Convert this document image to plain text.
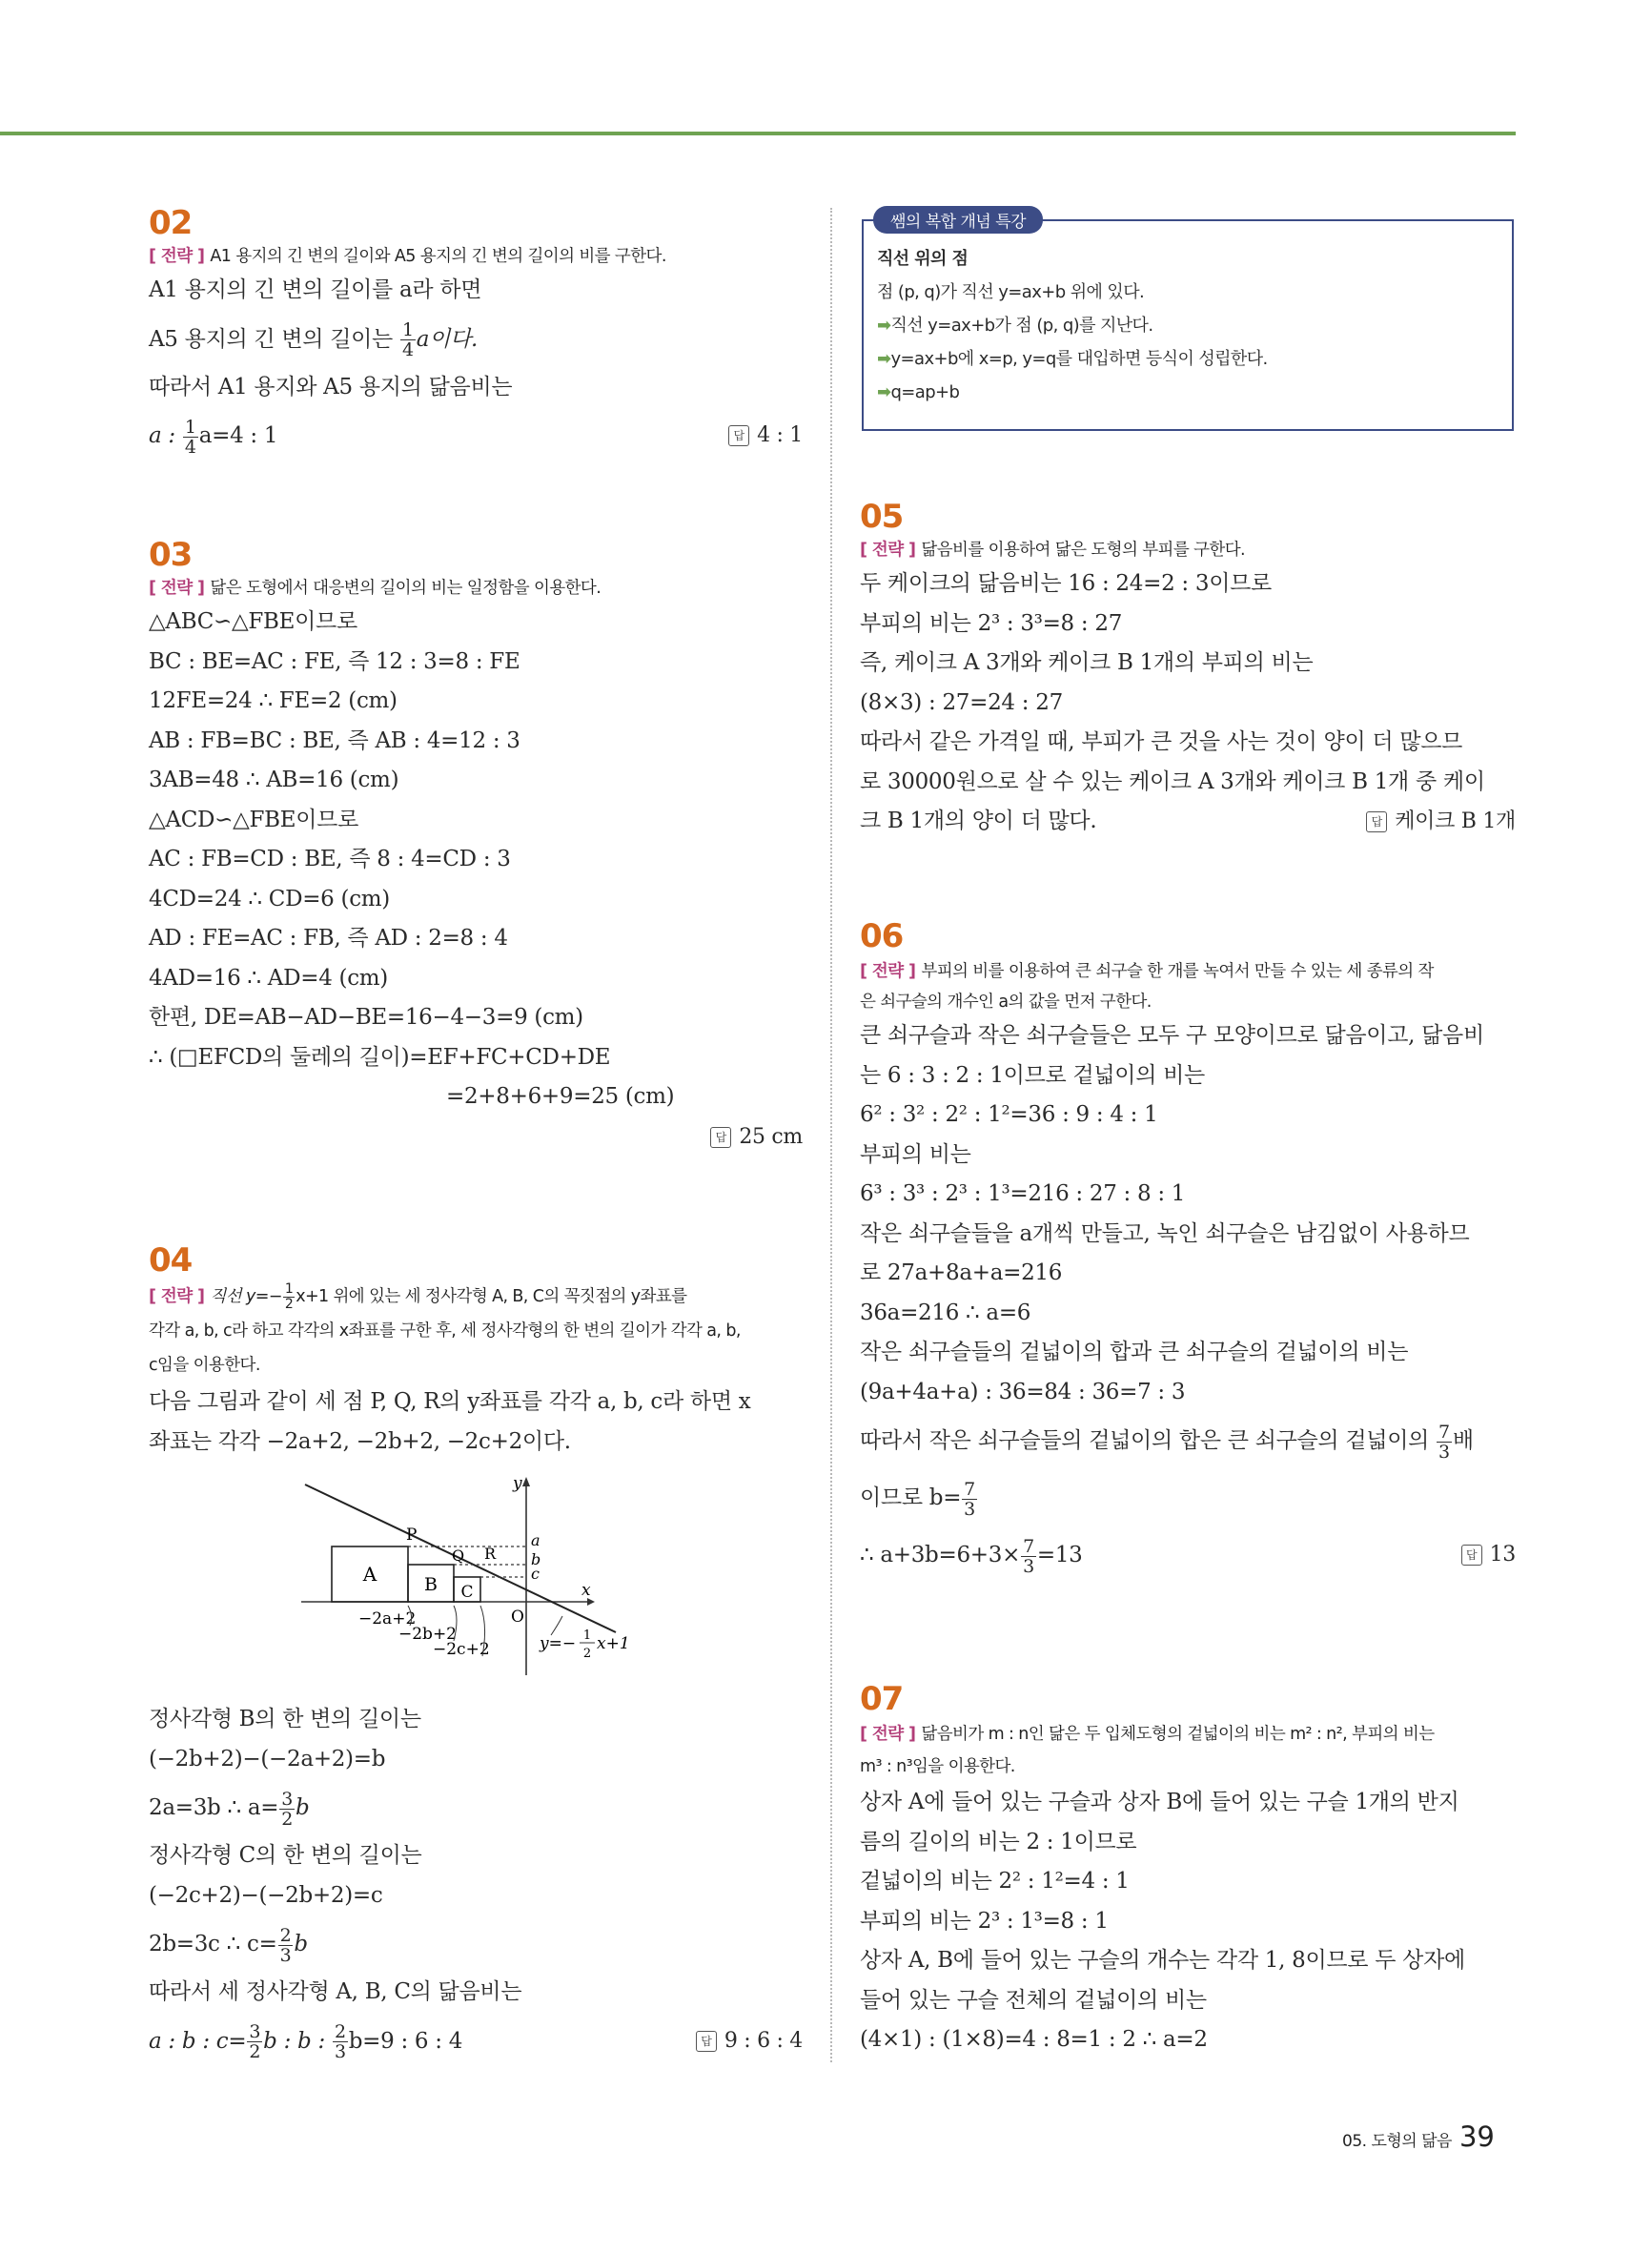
02
[ 전략 ] A1 용지의 긴 변의 길이와 A5 용지의 긴 변의 길이의 비를 구한다.
A1 용지의 긴 변의 길이를 a라 하면
A5 용지의 긴 변의 길이는 $\frac{1}{4}$ a이다.
따라서 A1 용지와 A5 용지의 닮음비는
a : $\frac{1}{4} a=4$ : 1	답 4 : 1
03
[ 전략 ] 닮은 도형에서 대응변의 길이의 비는 일정함을 이용한다.
△ABC∽△FBE이므로
BC : BE=AC : FE, 즉 12 : 3=8 : FE
12FE=24 ∴ FE=2 (cm)
AB : FB=BC : BE, 즉 AB : 4=12 : 3
3AB=48 ∴ AB=16 (cm)
△ACD∽△FBE이므로
AC : FB=CD : BE, 즉 8 : 4=CD : 3
4CD=24 ∴ CD=6 (cm)
AD : FE=AC : FB, 즉 AD : 2=8 : 4
4AD=16 ∴ AD=4 (cm)
한편, DE=AB−AD−BE=16−4−3=9 (cm)
∴ (□EFCD의 둘레의 길이)=EF+FC+CD+DE
=2+8+6+9=25 (cm)
답 25 cm
04
[ 전략 ] 직선 $y=- \frac{1}{2} x+1$ 위에 있는 세 정사각형 A, B, C의 꼭짓점의 y좌표를
각각 a, b, c라 하고 각각의 x좌표를 구한 후, 세 정사각형의 한 변의 길이가 각각 a, b,
c임을 이용한다.
다음 그림과 같이 세 점 P, Q, R의 y좌표를 각각 a, b, c라 하면 x
좌표는 각각 −2a+2, −2b+2, −2c+2이다.
A	B C
P
Q R
a
b
c
y
x
O
−2a+2
−2b+2
−2c+2	y=− 1
2
x+1
정사각형 B의 한 변의 길이는
(−2b+2)−(−2a+2)=b
2a=3b ∴ $a= \frac{3}{2}$ b
정사각형 C의 한 변의 길이는
(−2c+2)−(−2b+2)=c
2b=3c ∴ $c= \frac{2}{3}$ b
따라서 세 정사각형 A, B, C의 닮음비는
a : b : $c= \frac{3}{2}$ b : b : $\frac{2}{3} b=9$ : 6 : 4	답 9 : 6 : 4
쌤의 복합 개념 특강
직선 위의 점
점 (p, q)가 직선 y=ax+b 위에 있다.
➡직선 y=ax+b가 점 (p, q)를 지난다.
➡y=ax+b에 x=p, y=q를 대입하면 등식이 성립한다.
➡q=ap+b
05
[ 전략 ] 닮음비를 이용하여 닮은 도형의 부피를 구한다.
두 케이크의 닮음비는 16 : 24=2 : 3이므로
부피의 비는 2³ : 3³=8 : 27
즉, 케이크 A 3개와 케이크 B 1개의 부피의 비는
(8×3) : 27=24 : 27
따라서 같은 가격일 때, 부피가 큰 것을 사는 것이 양이 더 많으므
로 30000원으로 살 수 있는 케이크 A 3개와 케이크 B 1개 중 케이
크 B 1개의 양이 더 많다.	답 케이크 B 1개
06
[ 전략 ] 부피의 비를 이용하여 큰 쇠구슬 한 개를 녹여서 만들 수 있는 세 종류의 작
은 쇠구슬의 개수인 a의 값을 먼저 구한다.
큰 쇠구슬과 작은 쇠구슬들은 모두 구 모양이므로 닮음이고, 닮음비
는 6 : 3 : 2 : 1이므로 겉넓이의 비는
6² : 3² : 2² : 1²=36 : 9 : 4 : 1
부피의 비는
6³ : 3³ : 2³ : 1³=216 : 27 : 8 : 1
작은 쇠구슬들을 a개씩 만들고, 녹인 쇠구슬은 남김없이 사용하므
로 27a+8a+a=216
36a=216 ∴ a=6
작은 쇠구슬들의 겉넓이의 합과 큰 쇠구슬의 겉넓이의 비는
(9a+4a+a) : 36=84 : 36=7 : 3
따라서 작은 쇠구슬들의 겉넓이의 합은 큰 쇠구슬의 겉넓이의 $\frac{7}{3}$ 배
이므로 $b= \frac{7}{3}$
∴ $a+3b=6+3\times \frac{7}{3} =13$	답 13
07
[ 전략 ] 닮음비가 m : n인 닮은 두 입체도형의 겉넓이의 비는 m² : n², 부피의 비는
m³ : n³임을 이용한다.
상자 A에 들어 있는 구슬과 상자 B에 들어 있는 구슬 1개의 반지
름의 길이의 비는 2 : 1이므로
겉넓이의 비는 2² : 1²=4 : 1
부피의 비는 2³ : 1³=8 : 1
상자 A, B에 들어 있는 구슬의 개수는 각각 1, 8이므로 두 상자에
들어 있는 구슬 전체의 겉넓이의 비는
(4×1) : (1×8)=4 : 8=1 : 2 ∴ a=2
05. 도형의 닮음 39
